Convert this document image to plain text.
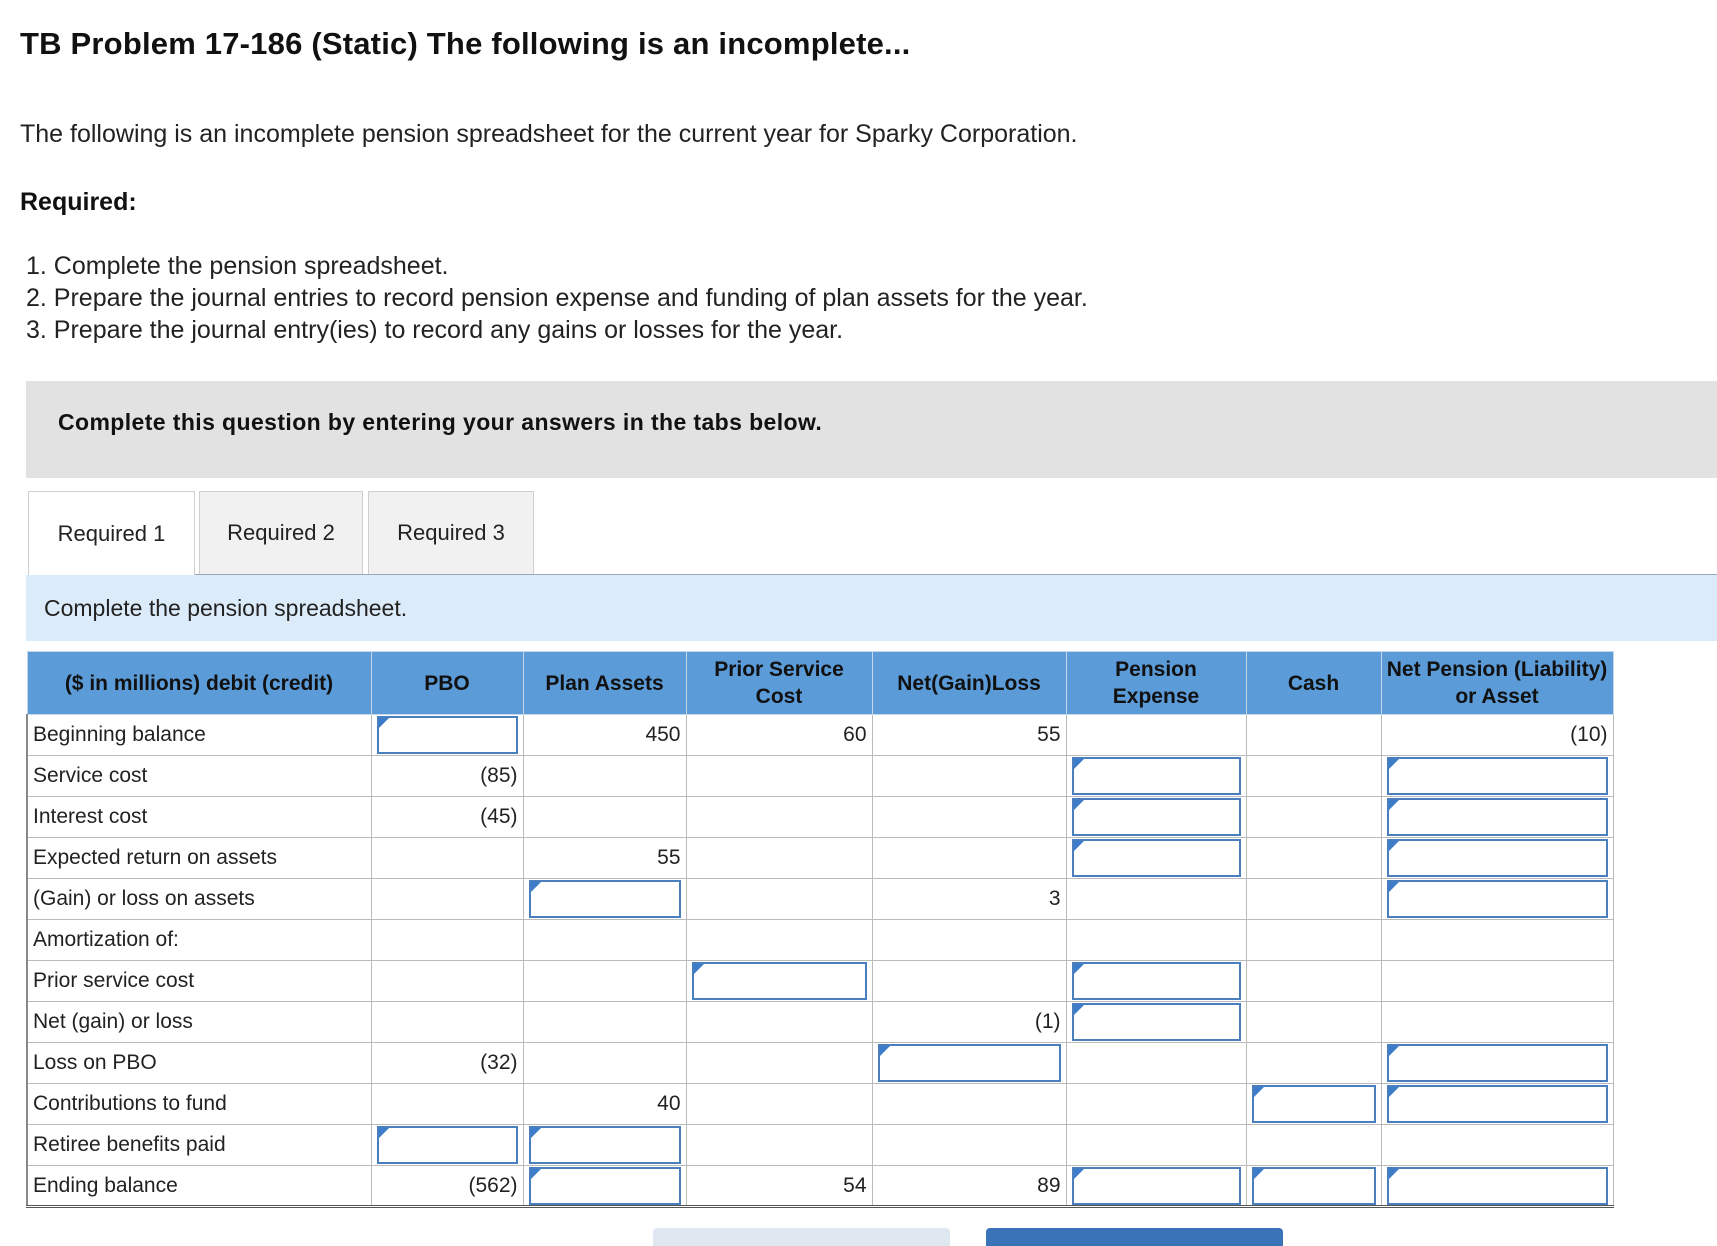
TB Problem 17-186 (Static) The following is an incomplete...
The following is an incomplete pension spreadsheet for the current year for Sparky Corporation.
Required:
1. Complete the pension spreadsheet.
2. Prepare the journal entries to record pension expense and funding of plan assets for the year.
3. Prepare the journal entry(ies) to record any gains or losses for the year.
Complete this question by entering your answers in the tabs below.
Required 1	Required 2	Required 3
Complete the pension spreadsheet.
($ in millions) debit (credit)	PBO	Plan Assets	Prior Service Cost	Net(Gain)Loss	Pension Expense	Cash	Net Pension (Liability) or Asset
Beginning balance		450	60	55			(10)
Service cost	(85)				

Interest cost	(45)				

Expected return on assets		55			

(Gain) or loss on assets				3			

Amortization of:							
Prior service cost			

Net (gain) or loss				(1)	

Loss on PBO	(32)			

Contributions to fund		40				

Retiree benefits paid	

Ending balance	(562)		54	89	
